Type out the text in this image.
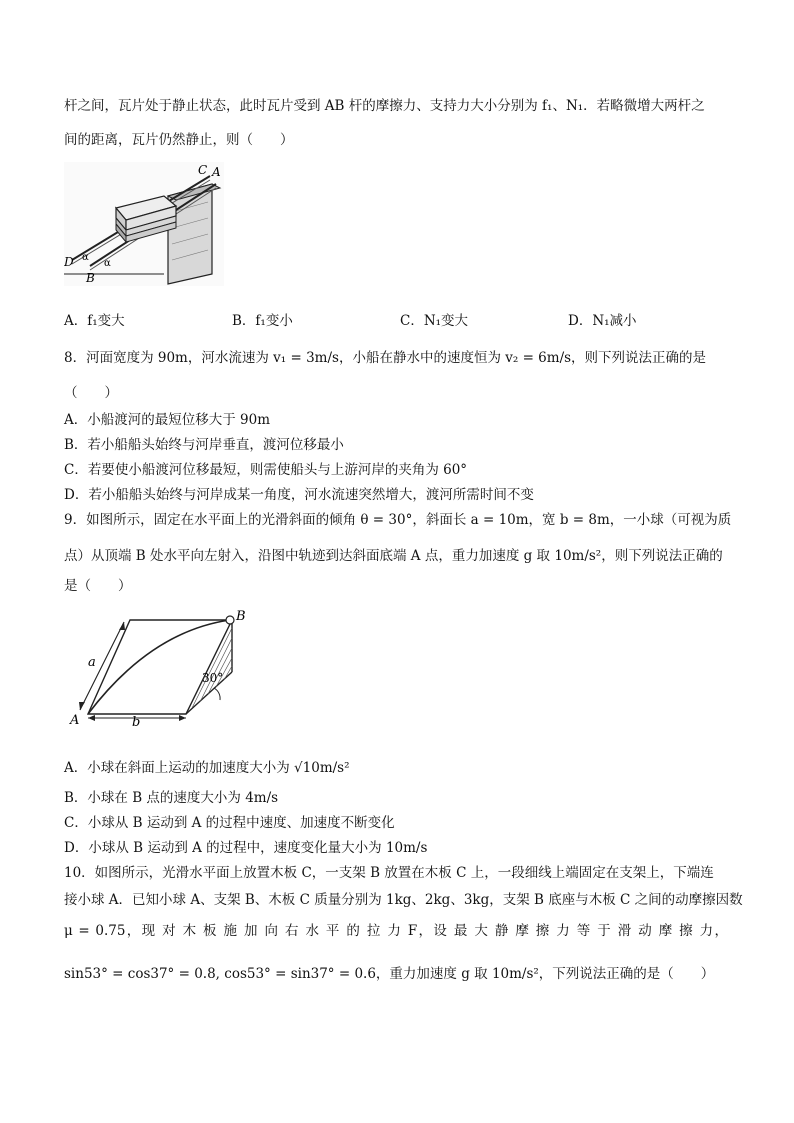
杆之间，瓦片处于静止状态，此时瓦片受到 AB 杆的摩擦力、支持力大小分别为 f₁、N₁．若略微增大两杆之
间的距离，瓦片仍然静止，则（　　）
C A
D
B
α
α
A．f₁变大	B．f₁变小	C．N₁变大	D．N₁减小
8．河面宽度为 90m，河水流速为 v₁ = 3m/s，小船在静水中的速度恒为 v₂ = 6m/s，则下列说法正确的是
（　　）
A．小船渡河的最短位移大于 90m
B．若小船船头始终与河岸垂直，渡河位移最小
C．若要使小船渡河位移最短，则需使船头与上游河岸的夹角为 60°
D．若小船船头始终与河岸成某一角度，河水流速突然增大，渡河所需时间不变
9．如图所示，固定在水平面上的光滑斜面的倾角 θ = 30°，斜面长 a = 10m，宽 b = 8m，一小球（可视为质
点）从顶端 B 处水平向左射入，沿图中轨迹到达斜面底端 A 点，重力加速度 g 取 10m/s²，则下列说法正确的
是（　　）
B
a
30°
A	b
A．小球在斜面上运动的加速度大小为 √10m/s²
B．小球在 B 点的速度大小为 4m/s
C．小球从 B 运动到 A 的过程中速度、加速度不断变化
D．小球从 B 运动到 A 的过程中，速度变化量大小为 10m/s
10．如图所示，光滑水平面上放置木板 C，一支架 B 放置在木板 C 上，一段细线上端固定在支架上，下端连
接小球 A．已知小球 A、支架 B、木板 C 质量分别为 1kg、2kg、3kg，支架 B 底座与木板 C 之间的动摩擦因数
μ = 0.75，现 对 木 板 施 加 向 右 水 平 的 拉 力 F，设 最 大 静 摩 擦 力 等 于 滑 动 摩 擦 力，
sin53° = cos37° = 0.8, cos53° = sin37° = 0.6，重力加速度 g 取 10m/s²，下列说法正确的是（　　）
